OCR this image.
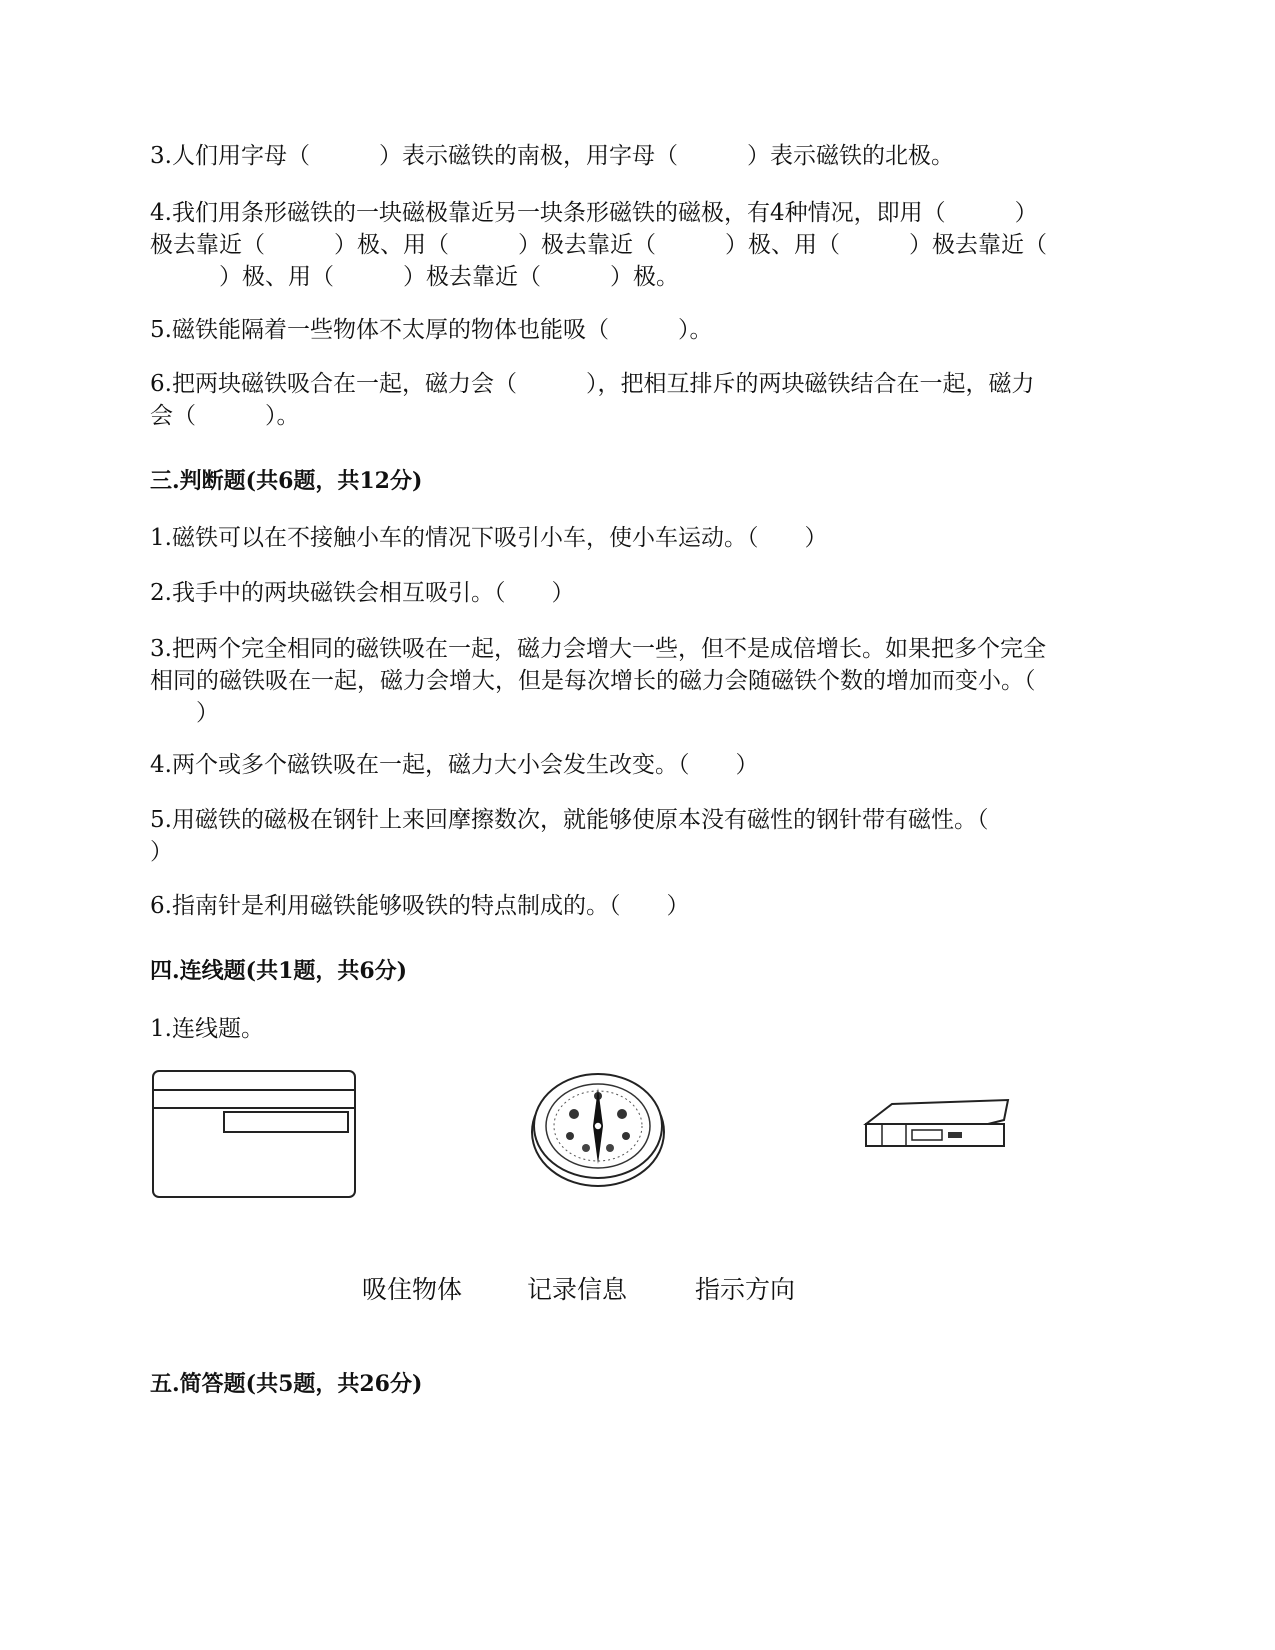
3.人们用字母（　　　）表示磁铁的南极，用字母（　　　）表示磁铁的北极。

4.我们用条形磁铁的一块磁极靠近另一块条形磁铁的磁极，有4种情况，即用（　　　）
极去靠近（　　　）极、用（　　　）极去靠近（　　　）极、用（　　　）极去靠近（
　　　）极、用（　　　）极去靠近（　　　）极。

5.磁铁能隔着一些物体不太厚的物体也能吸（　　　）。

6.把两块磁铁吸合在一起，磁力会（　　　），把相互排斥的两块磁铁结合在一起，磁力
会（　　　）。

三.判断题(共6题，共12分)

1.磁铁可以在不接触小车的情况下吸引小车，使小车运动。（　　）

2.我手中的两块磁铁会相互吸引。（　　）

3.把两个完全相同的磁铁吸在一起，磁力会增大一些，但不是成倍增长。如果把多个完全
相同的磁铁吸在一起，磁力会增大，但是每次增长的磁力会随磁铁个数的增加而变小。（
　　）

4.两个或多个磁铁吸在一起，磁力大小会发生改变。（　　）

5.用磁铁的磁极在钢针上来回摩擦数次，就能够使原本没有磁性的钢针带有磁性。（
）

6.指南针是利用磁铁能够吸铁的特点制成的。（　　）

四.连线题(共1题，共6分)

1.连线题。

吸住物体	记录信息	指示方向
五.简答题(共5题，共26分)
